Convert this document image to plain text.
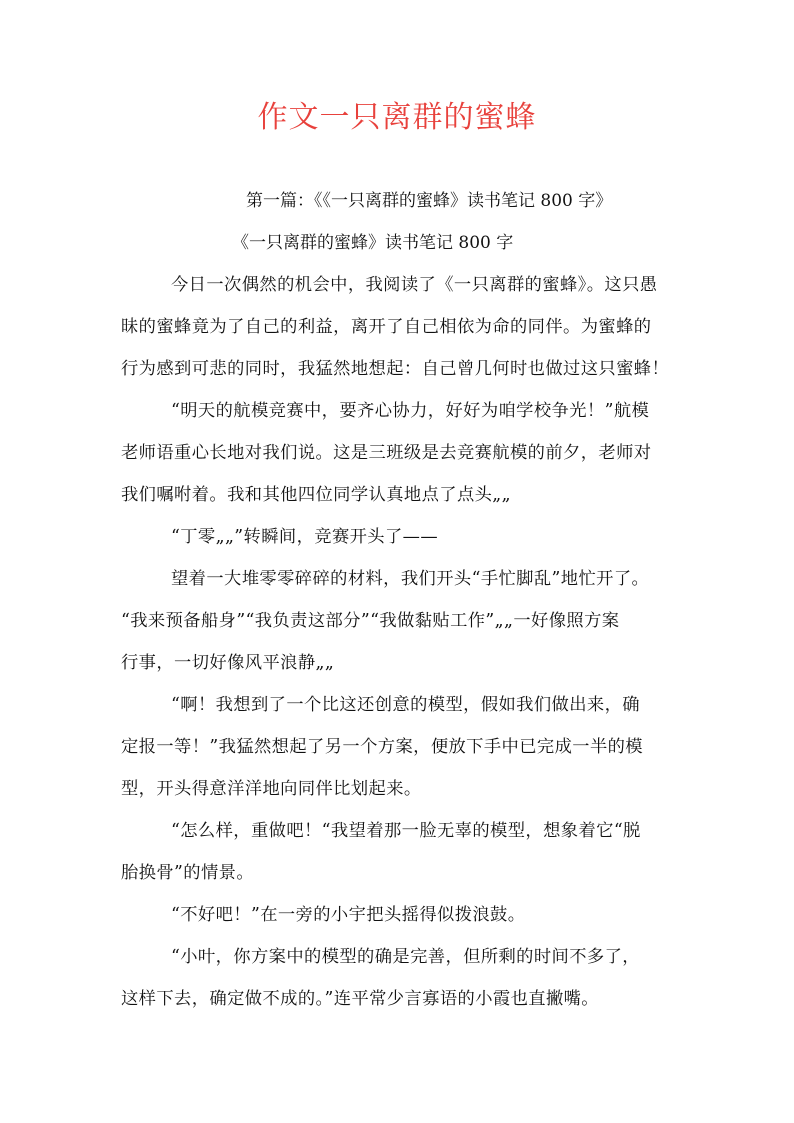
作文一只离群的蜜蜂

第一篇：《《一只离群的蜜蜂》读书笔记 800 字》

《一只离群的蜜蜂》读书笔记 800 字

今日一次偶然的机会中，我阅读了《一只离群的蜜蜂》。这只愚
昧的蜜蜂竟为了自己的利益，离开了自己相依为命的同伴。为蜜蜂的
行为感到可悲的同时，我猛然地想起：自己曾几何时也做过这只蜜蜂！
“明天的航模竞赛中，要齐心协力，好好为咱学校争光！”航模
老师语重心长地对我们说。这是三班级是去竞赛航模的前夕，老师对
我们嘱咐着。我和其他四位同学认真地点了点头„„
“丁零„„”转瞬间，竞赛开头了——
望着一大堆零零碎碎的材料，我们开头“手忙脚乱”地忙开了。
“我来预备船身”“我负责这部分”“我做黏贴工作”„„一好像照方案
行事，一切好像风平浪静„„
“啊！我想到了一个比这还创意的模型，假如我们做出来，确
定报一等！”我猛然想起了另一个方案，便放下手中已完成一半的模
型，开头得意洋洋地向同伴比划起来。
“怎么样，重做吧！“我望着那一脸无辜的模型，想象着它“脱
胎换骨”的情景。
“不好吧！”在一旁的小宇把头摇得似拨浪鼓。
“小叶，你方案中的模型的确是完善，但所剩的时间不多了，
这样下去，确定做不成的。”连平常少言寡语的小霞也直撇嘴。
